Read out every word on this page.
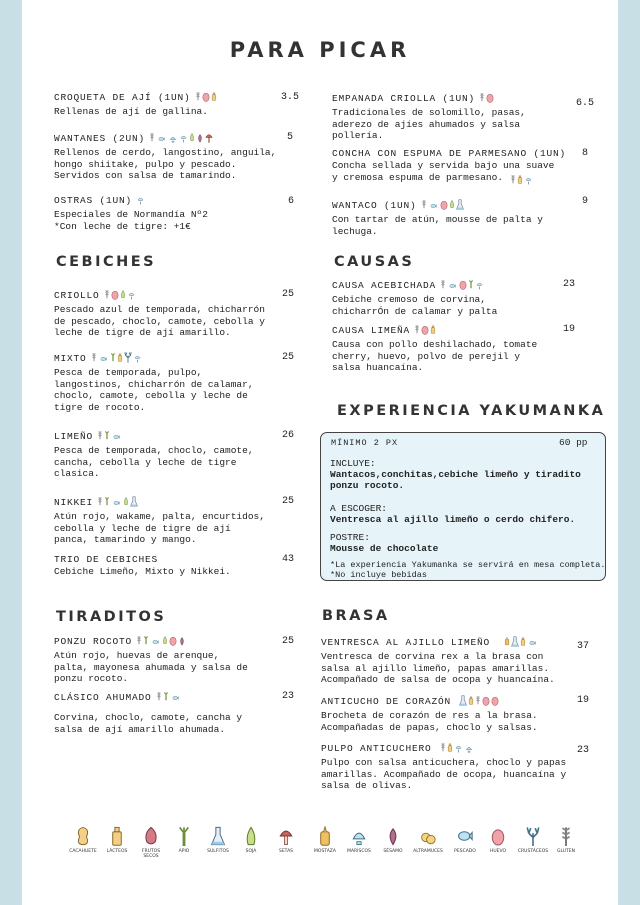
PARA PICAR
CROQUETA DE AJÍ (1UN)
Rellenas de ají de gallina.
3.5
WANTANES (2UN)
Rellenos de cerdo, langostino, anguila,
hongo shiitake, pulpo y pescado.
Servidos con salsa de tamarindo.
5
OSTRAS (1UN)
Especiales de Normandía Nº2
*Con leche de tigre: +1€
6
EMPANADA CRIOLLA (1UN)
Tradicionales de solomillo, pasas,
aderezo de ajíes ahumados y salsa
pollería.
6.5
CONCHA CON ESPUMA DE PARMESANO (1UN)
Concha sellada y servida bajo una suave
y cremosa espuma de parmesano.
8
WANTACO (1UN)
Con tartar de atún, mousse de palta y
lechuga.
9
CEBICHES
CRIOLLO
Pescado azul de temporada, chicharrón
de pescado, choclo, camote, cebolla y
leche de tigre de ají amarillo.
25
MIXTO
Pesca de temporada, pulpo,
langostinos, chicharrón de calamar,
choclo, camote, cebolla y leche de
tigre de rocoto.
25
LIMEÑO
Pesca de temporada, choclo, camote,
cancha, cebolla y leche de tigre
clasica.
26
NIKKEI
Atún rojo, wakame, palta, encurtidos,
cebolla y leche de tigre de ají
panca, tamarindo y mango.
25
TRIO DE CEBICHES
Cebiche Limeño, Mixto y Nikkei.
43
CAUSAS
CAUSA ACEBICHADA
Cebiche cremoso de corvina,
chicharrÓn de calamar y palta
23
CAUSA LIMEÑA
Causa con pollo deshilachado, tomate
cherry, huevo, polvo de perejil y
salsa huancaína.
19
EXPERIENCIA YAKUMANKA
MÍNIMO 2 PX	60 pp
INCLUYE:
Wantacos,conchitas,cebiche limeño y tiradito
ponzu rocoto.
A ESCOGER:
Ventresca al ajillo limeño o cerdo chifero.
POSTRE:
Mousse de chocolate
*La experiencia Yakumanka se servirá en mesa completa.
*No incluye bebidas
TIRADITOS
PONZU ROCOTO
Atún rojo, huevas de arenque,
palta, mayonesa ahumada y salsa de
ponzu rocoto.
25
CLÁSICO AHUMADO
Corvina, choclo, camote, cancha y
salsa de ají amarillo ahumada.
23
BRASA
VENTRESCA AL AJILLO LIMEÑO
Ventresca de corvina rex a la brasa con
salsa al ajillo limeño, papas amarillas.
Acompañado de salsa de ocopa y huancaína.
37
ANTICUCHO DE CORAZÓN
Brocheta de corazón de res a la brasa.
Acompañadas de papas, choclo y salsas.
19
PULPO ANTICUCHERO
Pulpo con salsa anticuchera, choclo y papas
amarillas. Acompañado de ocopa, huancaína y
salsa de olivas.
23
CACAHUETE	LÁCTEOS	FRUTOS
SECOS
APIO	SULFITOS	SOJA	SETAS	MOSTAZA	MARISCOS	SÉSAMO	ALTRAMUCES	PESCADO	HUEVO	CRUSTÁCEOS	GLUTEN
